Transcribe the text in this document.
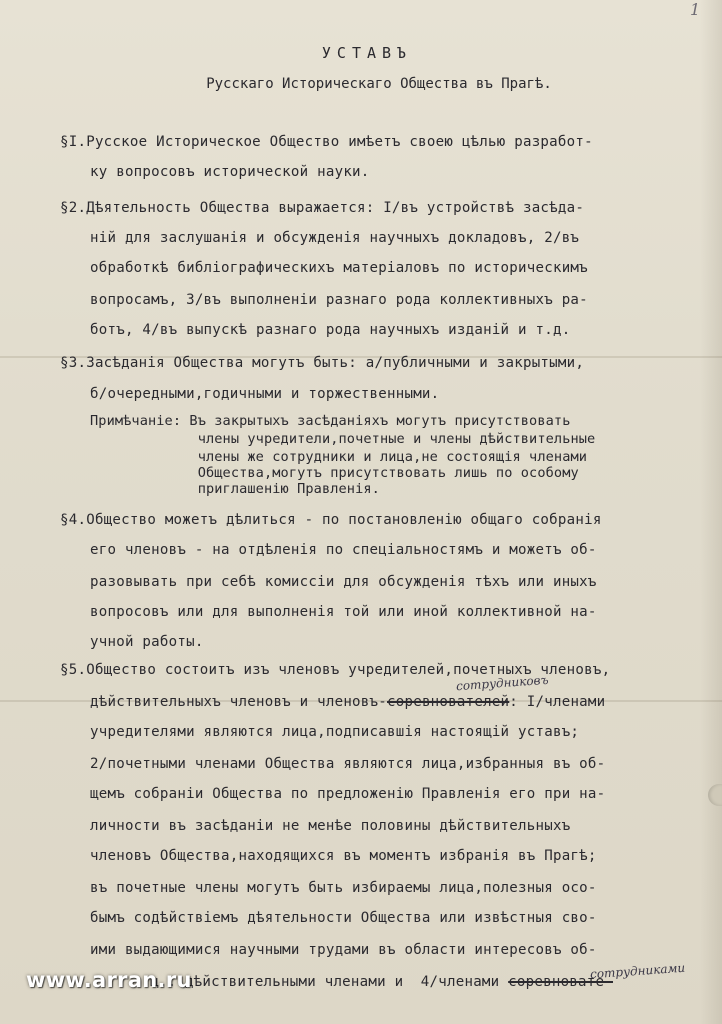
1
УСТАВЪ
Русскаго Историческаго Общества въ Прагѣ.
§I.Русское Историческое Общество имѣетъ своею цѣлью разработ-
ку вопросовъ исторической науки.
§2.Дѣятельность Общества выражается: I/въ устройствѣ засѣда-
ній для заслушанія и обсужденія научныхъ докладовъ, 2/въ
обработкѣ библіографическихъ матеріаловъ по историческимъ
вопросамъ, 3/въ выполненіи разнаго рода коллективныхъ ра-
ботъ, 4/въ выпускѣ разнаго рода научныхъ изданій и т.д.
§3.Засѣданія Общества могутъ быть: а/публичными и закрытыми,
б/очередными,годичными и торжественными.
Примѣчаніе: Въ закрытыхъ засѣданіяхъ могутъ присутствовать
члены учредители,почетные и члены дѣйствительные
члены же сотрудники и лица,не состоящія членами
Общества,могутъ присутствовать лишь по особому
приглашенію Правленія.
§4.Общество можетъ дѣлиться - по постановленію общаго собранія
его членовъ - на отдѣленія по спеціальностямъ и можетъ об-
разовывать при себѣ комиссіи для обсужденія тѣхъ или иныхъ
вопросовъ или для выполненія той или иной коллективной на-
учной работы.
§5.Общество состоитъ изъ членовъ учредителей,почетныхъ членовъ,
сотрудниковъ
дѣйствительныхъ членовъ и членовъ-соревнователей: I/членами
учредителями являются лица,подписавшія настоящій уставъ;
2/почетными членами Общества являются лица,избранныя въ об-
щемъ собраніи Общества по предложенію Правленія его при на-
личности въ засѣданіи не менѣе половины дѣйствительныхъ
членовъ Общества,находящихся въ моментъ избранія въ Прагѣ;
въ почетные члены могутъ быть избираемы лица,полезныя осо-
бымъ содѣйствіемъ дѣятельности Общества или извѣстныя сво-
ими выдающимися научными трудами въ области интересовъ об-
сотрудниками
щ...дѣйствительными членами и  4/членами соревновате-
www.arran.ru
